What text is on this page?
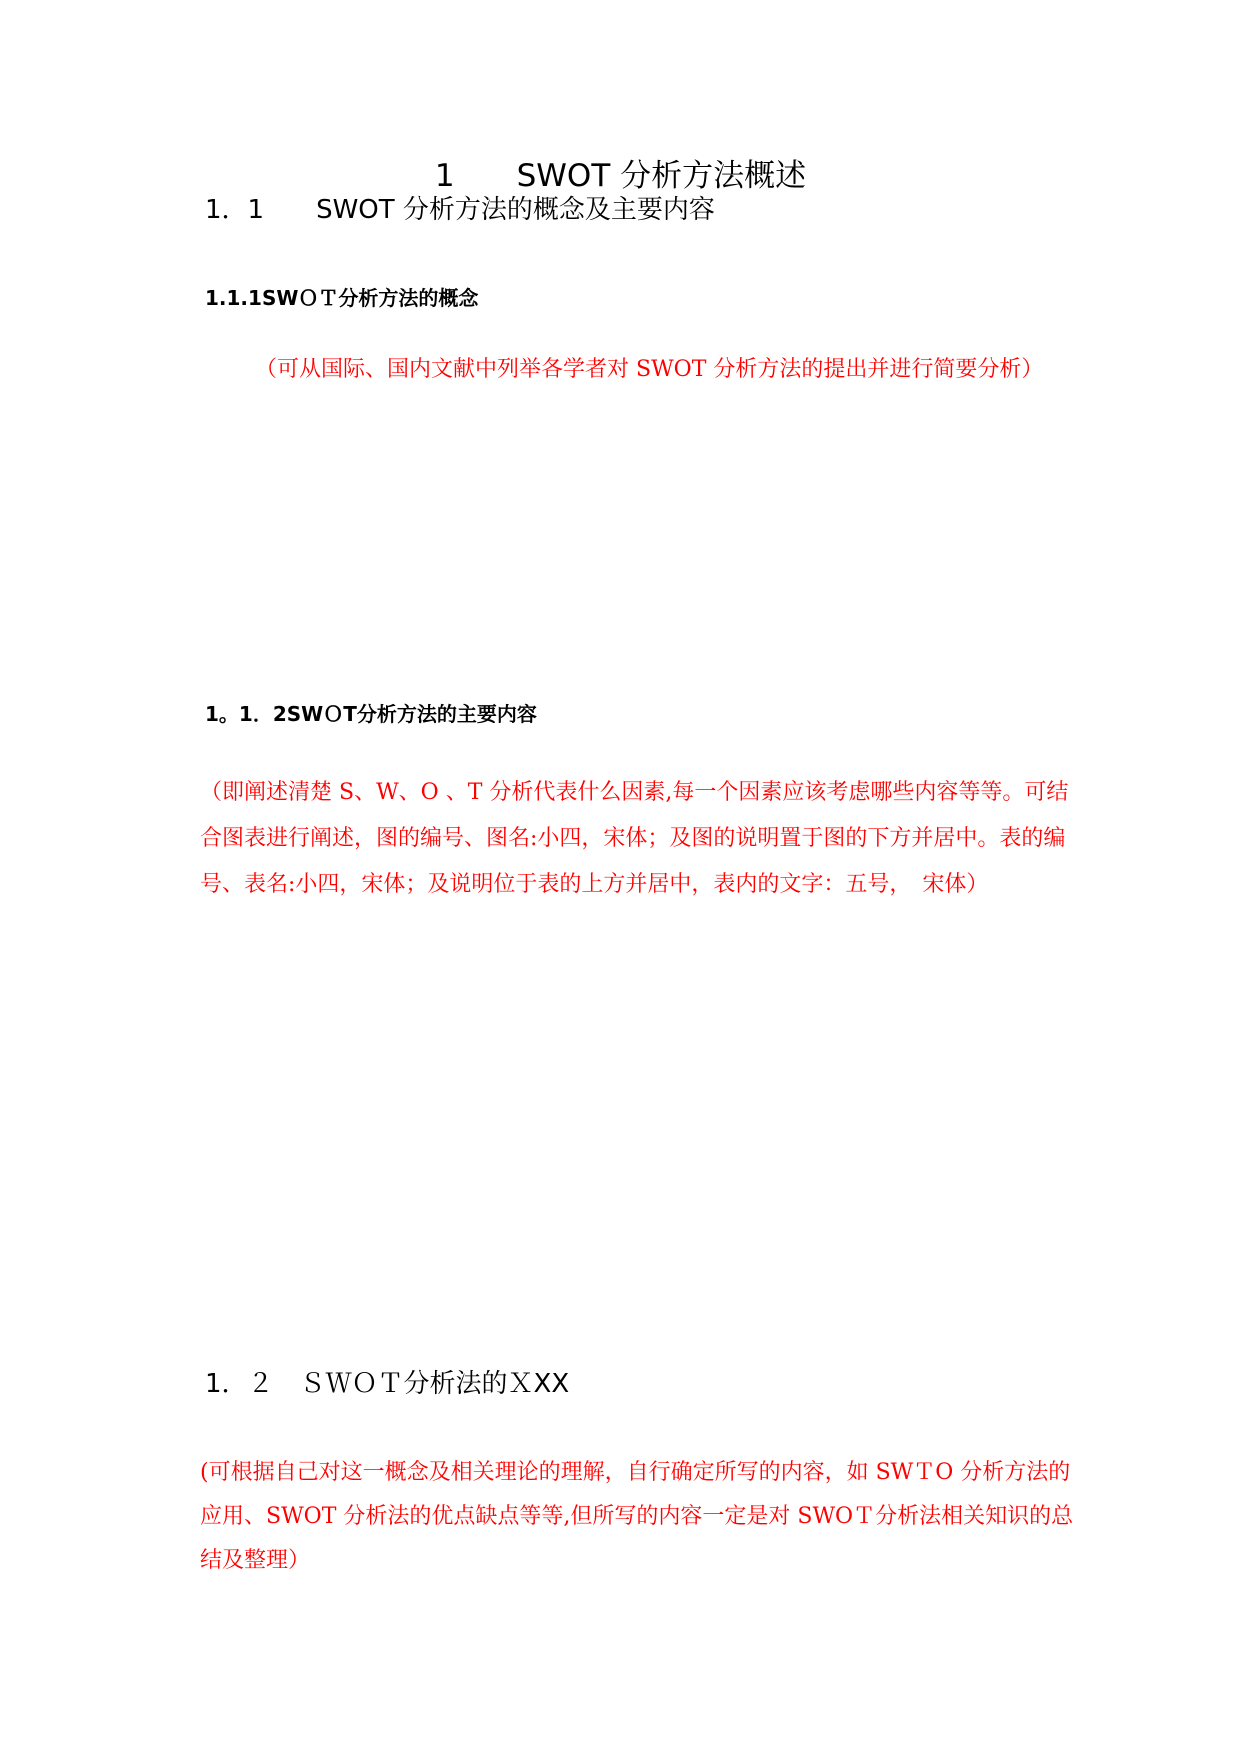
1　　SWOT 分析方法概述
1．1　　SWOT 分析方法的概念及主要内容
1.1.1SWＯＴ分析方法的概念

（可从国际、国内文献中列举各学者对 SWOT 分析方法的提出并进行简要分析）

1。1．2SWＯT分析方法的主要内容

（即阐述清楚 S、W、O 、T 分析代表什么因素,每一个因素应该考虑哪些内容等等。可结合图表进行阐述，图的编号、图名:小四，宋体；及图的说明置于图的下方并居中。表的编号、表名:小四，宋体；及说明位于表的上方并居中，表内的文字：五号，　宋体）

1．２　ＳＷＯＴ分析法的ＸXX

(可根据自己对这一概念及相关理论的理解，自行确定所写的内容，如 SWＴO 分析方法的应用、SWOT 分析法的优点缺点等等,但所写的内容一定是对 SWOＴ分析法相关知识的总结及整理）
